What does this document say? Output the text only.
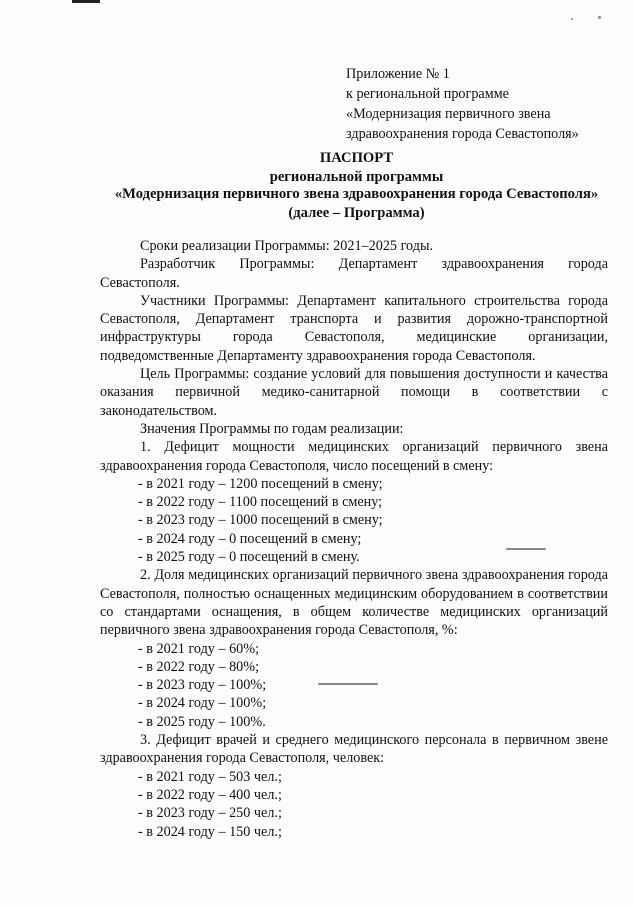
Приложение № 1
к региональной программе
«Модернизация первичного звена
здравоохранения города Севастополя»
ПАСПОРТ
региональной программы
«Модернизация первичного звена здравоохранения города Севастополя»
(далее – Программа)

Сроки реализации Программы: 2021–2025 годы.

Разработчик Программы: Департамент здравоохранения города Севастополя.

Участники Программы: Департамент капитального строительства города Севастополя, Департамент транспорта и развития дорожно-транспортной инфраструктуры города Севастополя, медицинские организации, подведомственные Департаменту здравоохранения города Севастополя.

Цель Программы: создание условий для повышения доступности и качества оказания первичной медико-санитарной помощи в соответствии с законодательством.

Значения Программы по годам реализации:

1. Дефицит мощности медицинских организаций первичного звена здравоохранения города Севастополя, число посещений в смену:

- в 2021 году – 1200 посещений в смену;

- в 2022 году – 1100 посещений в смену;

- в 2023 году – 1000 посещений в смену;

- в 2024 году – 0 посещений в смену;

- в 2025 году – 0 посещений в смену.

2. Доля медицинских организаций первичного звена здравоохранения города Севастополя, полностью оснащенных медицинским оборудованием в соответствии со стандартами оснащения, в общем количестве медицинских организаций первичного звена здравоохранения города Севастополя, %:

- в 2021 году – 60%;

- в 2022 году – 80%;

- в 2023 году – 100%;

- в 2024 году – 100%;

- в 2025 году – 100%.

3. Дефицит врачей и среднего медицинского персонала в первичном звене здравоохранения города Севастополя, человек:

- в 2021 году – 503 чел.;

- в 2022 году – 400 чел.;

- в 2023 году – 250 чел.;

- в 2024 году – 150 чел.;
